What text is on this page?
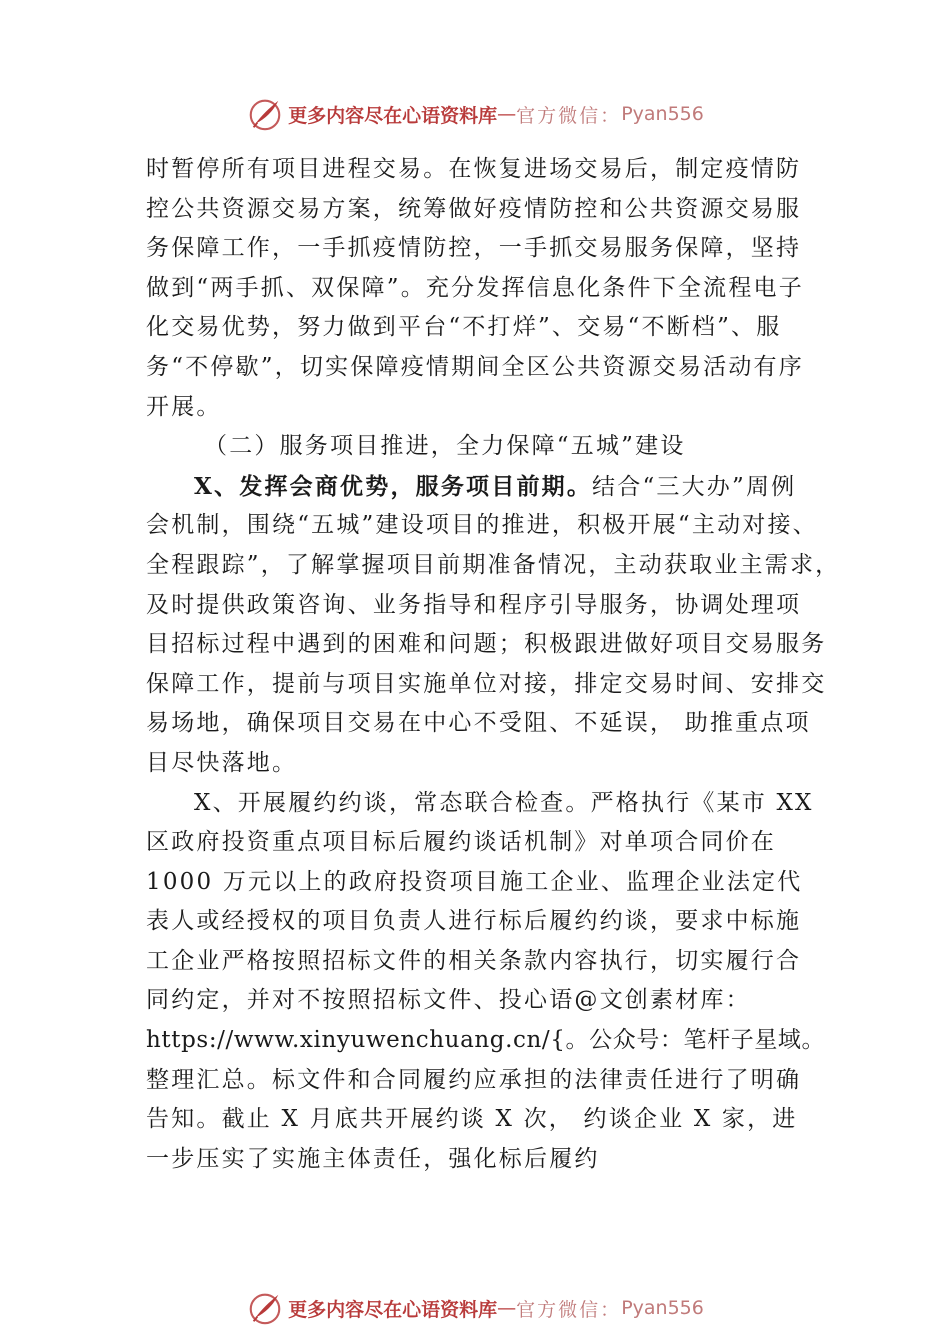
更多内容尽在心语资料库 — 官方微信： Pyan556
时暂停所有项目进程交易。在恢复进场交易后，制定疫情防
控公共资源交易方案，统筹做好疫情防控和公共资源交易服
务保障工作，一手抓疫情防控，一手抓交易服务保障，坚持
做到“两手抓、双保障”。充分发挥信息化条件下全流程电子
化交易优势，努力做到平台“不打烊”、交易“不断档”、服
务“不停歇”，切实保障疫情期间全区公共资源交易活动有序
开展。
（二）服务项目推进，全力保障“五城”建设
X、发挥会商优势，服务项目前期。结合“三大办”周例
会机制，围绕“五城”建设项目的推进，积极开展“主动对接、
全程跟踪”，了解掌握项目前期准备情况，主动获取业主需求，
及时提供政策咨询、业务指导和程序引导服务，协调处理项
目招标过程中遇到的困难和问题；积极跟进做好项目交易服务
保障工作，提前与项目实施单位对接，排定交易时间、安排交
易场地，确保项目交易在中心不受阻、不延误， 助推重点项
目尽快落地。
X、开展履约约谈，常态联合检查。严格执行《某市 XX
区政府投资重点项目标后履约谈话机制》对单项合同价在
1000 万元以上的政府投资项目施工企业、监理企业法定代
表人或经授权的项目负责人进行标后履约约谈，要求中标施
工企业严格按照招标文件的相关条款内容执行，切实履行合
同约定，并对不按照招标文件、投心语@文创素材库：
https://www.xinyuwenchuang.cn/{。公众号：笔杆子星域。
整理汇总。标文件和合同履约应承担的法律责任进行了明确
告知。截止 X 月底共开展约谈 X 次， 约谈企业 X 家，进
一步压实了实施主体责任，强化标后履约
更多内容尽在心语资料库 — 官方微信： Pyan556
